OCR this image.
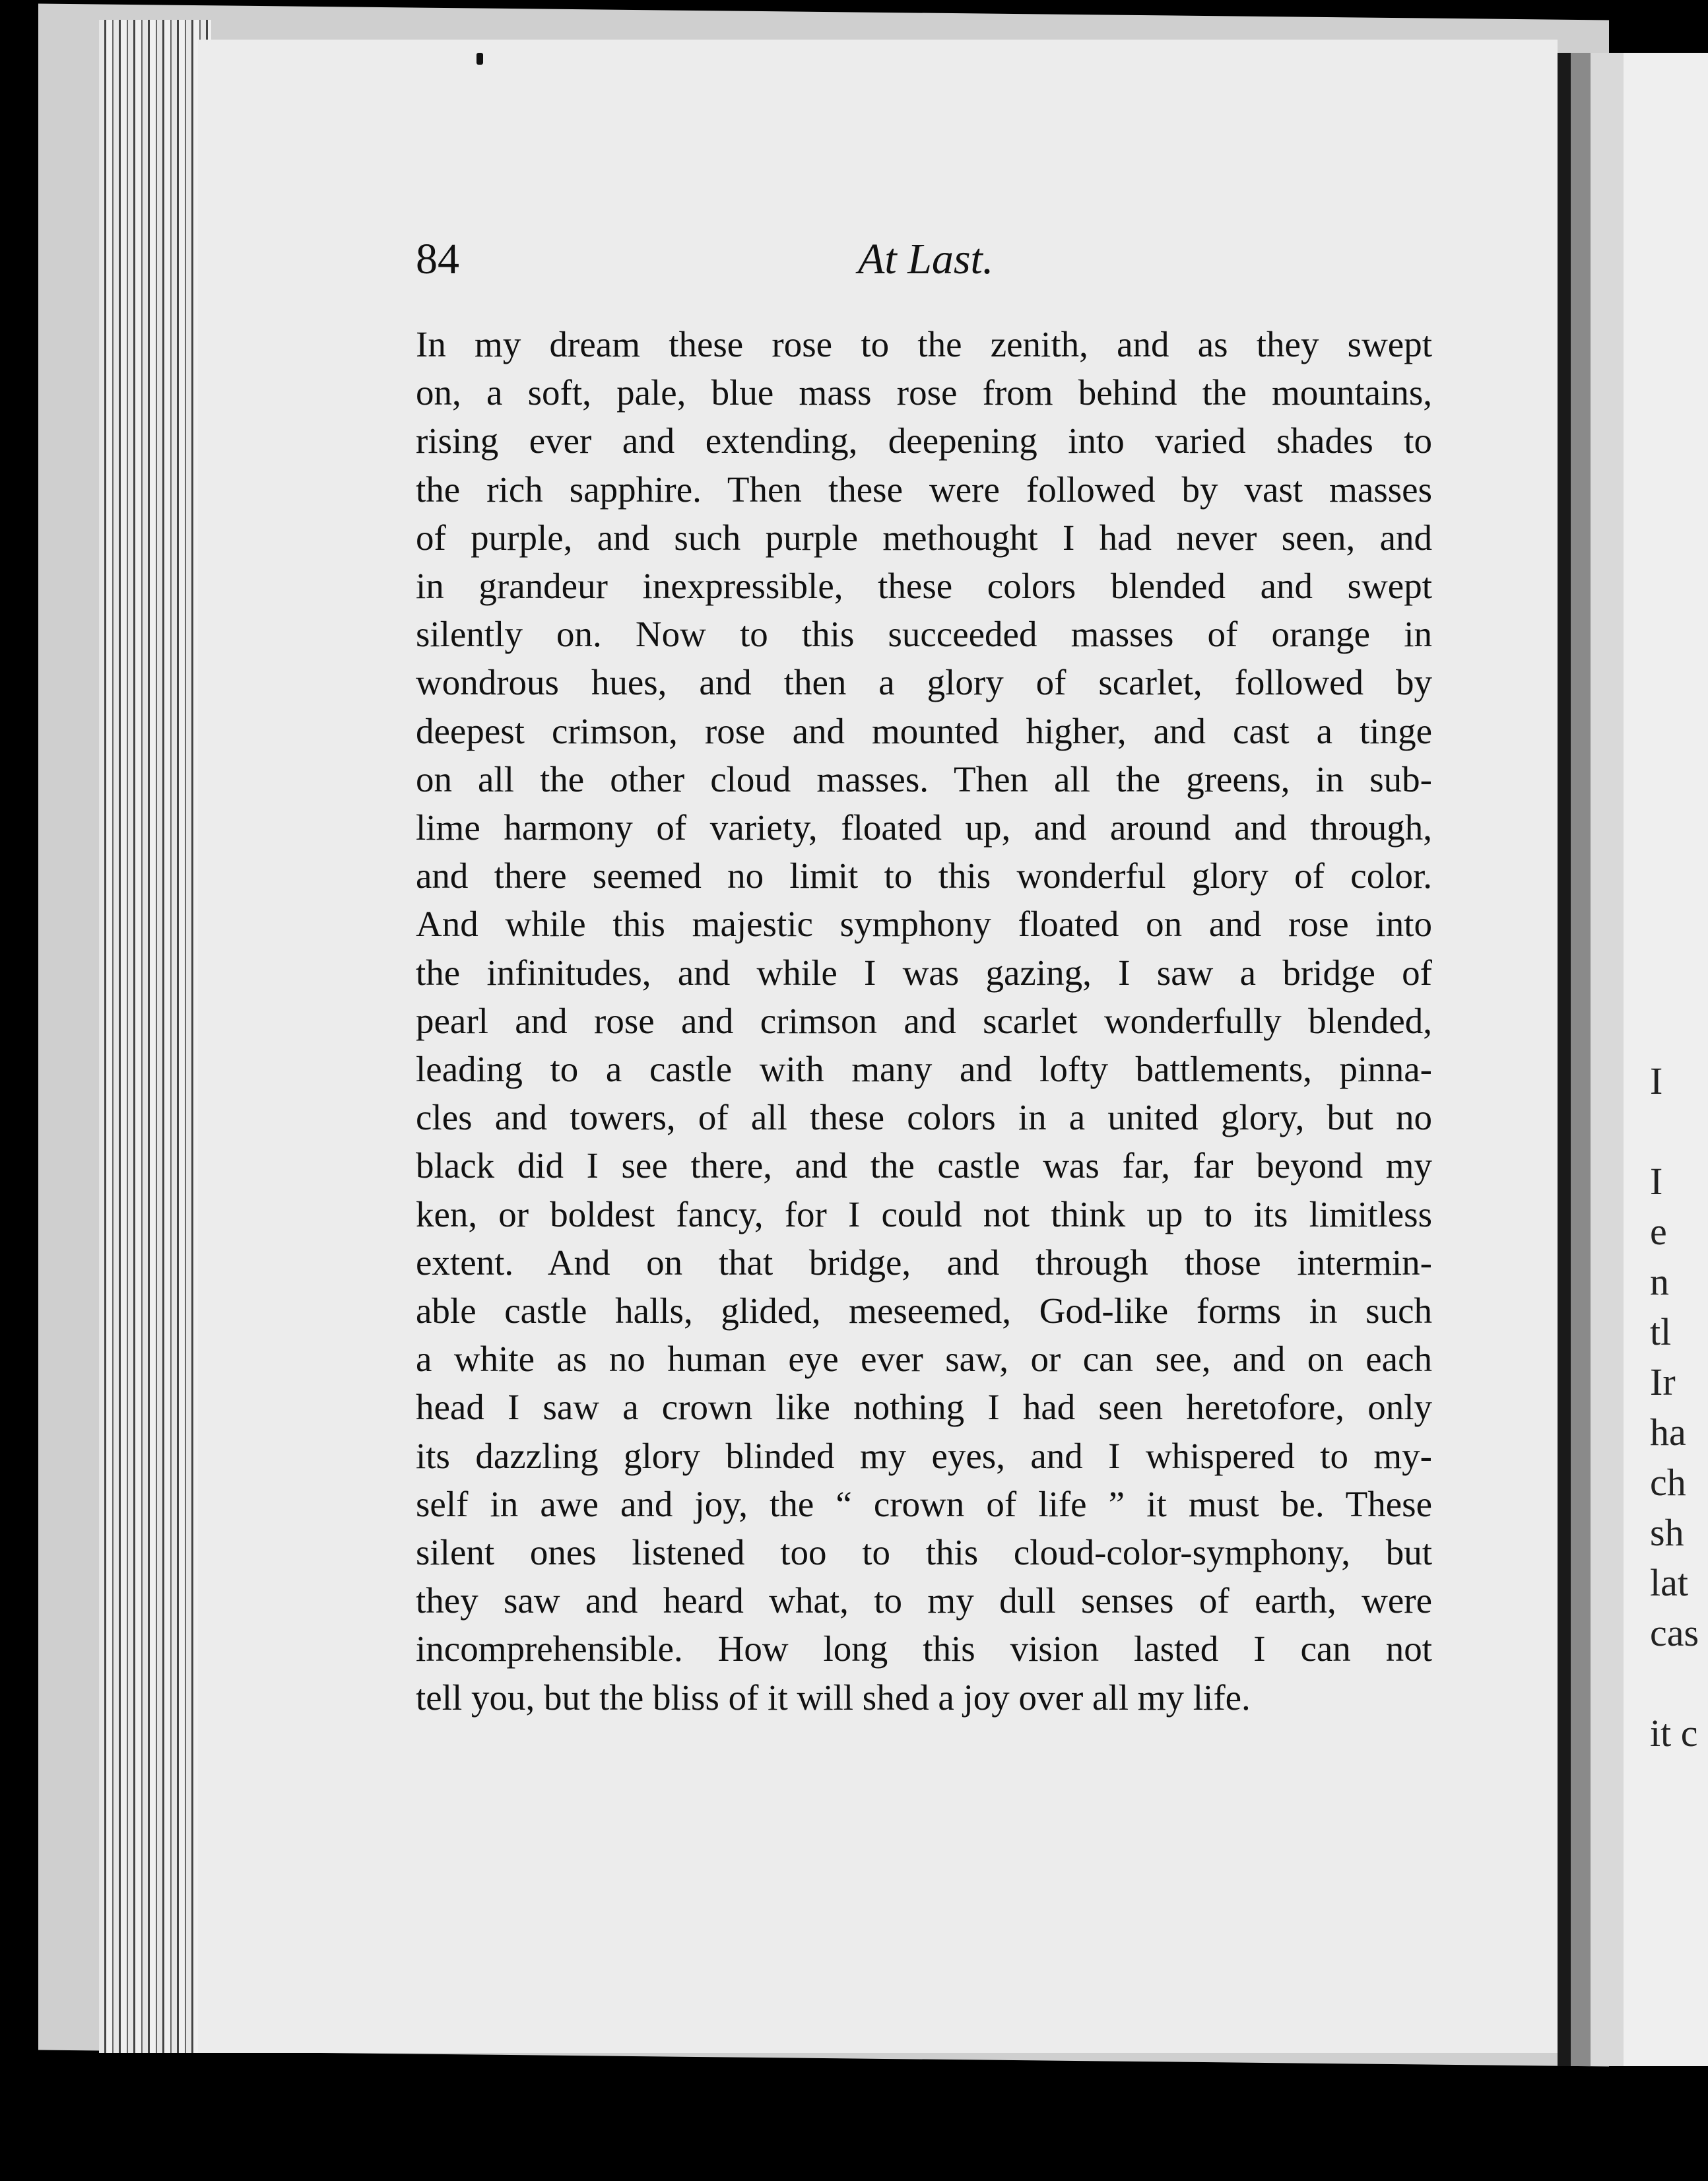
84	At Last.
In my dream these rose to the zenith, and as they swept
on, a soft, pale, blue mass rose from behind the mountains,
rising ever and extending, deepening into varied shades to
the rich sapphire. Then these were followed by vast masses
of purple, and such purple methought I had never seen, and
in grandeur inexpressible, these colors blended and swept
silently on. Now to this succeeded masses of orange in
wondrous hues, and then a glory of scarlet, followed by
deepest crimson, rose and mounted higher, and cast a tinge
on all the other cloud masses. Then all the greens, in sub-
lime harmony of variety, floated up, and around and through,
and there seemed no limit to this wonderful glory of color.
And while this majestic symphony floated on and rose into
the infinitudes, and while I was gazing, I saw a bridge of
pearl and rose and crimson and scarlet wonderfully blended,
leading to a castle with many and lofty battlements, pinna-
cles and towers, of all these colors in a united glory, but no
black did I see there, and the castle was far, far beyond my
ken, or boldest fancy, for I could not think up to its limitless
extent. And on that bridge, and through those intermin-
able castle halls, glided, meseemed, God-like forms in such
a white as no human eye ever saw, or can see, and on each
head I saw a crown like nothing I had seen heretofore, only
its dazzling glory blinded my eyes, and I whispered to my-
self in awe and joy, the “ crown of life ” it must be. These
silent ones listened too to this cloud-color-symphony, but
they saw and heard what, to my dull senses of earth, were
incomprehensible. How long this vision lasted I can not
tell you, but the bliss of it will shed a joy over all my life.
I

I
e
n
tl
Ir
ha
ch
sh
lat
cas

it c
